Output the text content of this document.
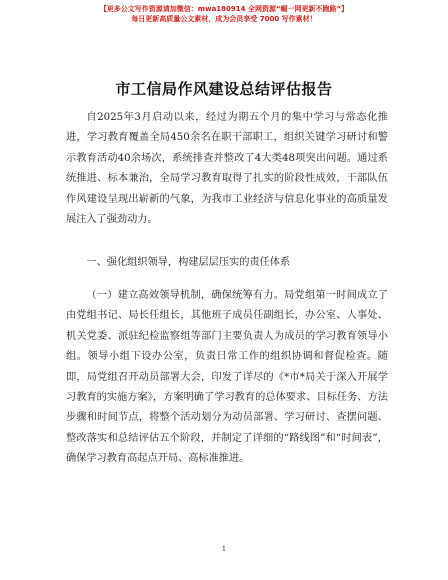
【更多公文写作资源请加微信：mwa180914 全网资源“崛一网更新不跑路”】
每日更新高质量公文素材，成为会员享受 7000 写作素材！
市工信局作风建设总结评估报告

自2025年3月启动以来，经过为期五个月的集中学习与常态化推进，学习教育覆盖全局450余名在职干部职工，组织关键学习研讨和警示教育活动40余场次，系统排查并整改了4大类48项突出问题。通过系统推进、标本兼治，全局学习教育取得了扎实的阶段性成效，干部队伍作风建设呈现出崭新的气象，为我市工业经济与信息化事业的高质量发展注入了强劲动力。

一、强化组织领导，构建层层压实的责任体系

（一）建立高效领导机制，确保统筹有力。局党组第一时间成立了由党组书记、局长任组长，其他班子成员任副组长，办公室、人事处、机关党委、派驻纪检监察组等部门主要负责人为成员的学习教育领导小组。领导小组下设办公室，负责日常工作的组织协调和督促检查。随即，局党组召开动员部署大会，印发了详尽的《*市*局关于深入开展学习教育的实施方案》，方案明确了学习教育的总体要求、目标任务、方法步骤和时间节点，将整个活动划分为动员部署、学习研讨、查摆问题、整改落实和总结评估五个阶段，并制定了详细的“路线图”和“时间表”，确保学习教育高起点开局、高标准推进。

1
